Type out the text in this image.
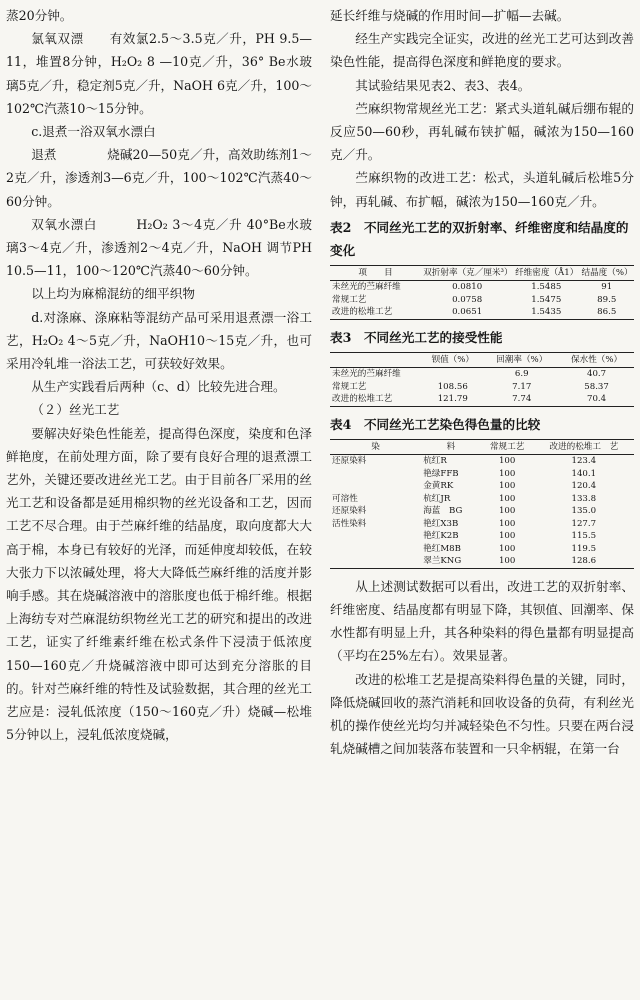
蒸20分钟。

氯氧双漂　　有效氯2.5～3.5克／升，PH 9.5—11，堆置8分钟，H₂O₂ 8 —10克／升，36° Be水玻璃5克／升，稳定剂5克／升，NaOH 6克／升，100～102℃汽蒸10～15分钟。

c.退煮一浴双氧水漂白

退煮　　　　烧碱20—50克／升，高效助练剂1～2克／升，渗透剂3—6克／升，100～102℃汽蒸40～60分钟。

双氧水漂白　　　H₂O₂ 3～4克／升 40°Be水玻璃3～4克／升，渗透剂2～4克／升，NaOH 调节PH 10.5—11，100～120℃汽蒸40～60分钟。

以上均为麻棉混纺的细平织物

d.对涤麻、涤麻粘等混纺产品可采用退煮漂一浴工艺，H₂O₂ 4～5克／升，NaOH10～15克／升，也可采用冷轧堆一浴法工艺，可获较好效果。

从生产实践看后两种（c、d）比较先进合理。

（２）丝光工艺

要解决好染色性能差，提高得色深度，染度和色泽鲜艳度，在前处理方面，除了要有良好合理的退煮漂工艺外，关键还要改进丝光工艺。由于目前各厂采用的丝光工艺和设备都是延用棉织物的丝光设备和工艺，因而工艺不尽合理。由于苎麻纤维的结晶度，取向度都大大高于棉，本身已有较好的光泽，而延伸度却较低，在较大张力下以浓碱处理，将大大降低苎麻纤维的活度并影响手感。其在烧碱溶液中的溶胀度也低于棉纤维。根据上海纺专对苎麻混纺织物丝光工艺的研究和提出的改进工艺，证实了纤维素纤维在松式条件下浸渍于低浓度150—160克／升烧碱溶液中即可达到充分溶胀的目的。针对苎麻纤维的特性及试验数据，其合理的丝光工艺应是：浸轧低浓度（150～160克／升）烧碱—松堆5分钟以上，浸轧低浓度烧碱，

延长纤维与烧碱的作用时间—扩幅—去碱。

经生产实践完全证实，改进的丝光工艺可达到改善染色性能，提高得色深度和鲜艳度的要求。

其试验结果见表2、表3、表4。

苎麻织物常规丝光工艺：紧式头道轧碱后绷布辊的反应50—60秒，再轧碱布铗扩幅，碱浓为150—160克／升。

苎麻织物的改进工艺：松式，头道轧碱后松堆5分钟，再轧碱、布扩幅，碱浓为150—160克／升。

表2　不同丝光工艺的双折射率、纤维密度和结晶度的变化
项　　目	双折射率（克／厘米³）	纤维密度（Å1）	结晶度（%）
未丝光的苎麻纤维	0.0810	1.5485	91
常规工艺	0.0758	1.5475	89.5
改进的松堆工艺	0.0651	1.5435	86.5
表3　不同丝光工艺的接受性能
	钡值（%）	回潮率（%）	保水性（%）
未丝光的苎麻纤维		6.9	40.7
常规工艺	108.56	7.17	58.37
改进的松堆工艺	121.79	7.74	70.4
表4　不同丝光工艺染色得色量的比较
染	料	常规工艺	改进的松堆工　艺
还原染料	杭红R	100	123.4
	艳绿FFB	100	140.1
	金黄RK	100	120.4
可溶性	杭红JR	100	133.8
还原染料	海蓝　BG	100	135.0
活性染料	艳红X3B	100	127.7
	艳红K2B	100	115.5
	艳红M8B	100	119.5
	翠兰KNG	100	128.6

从上述测试数据可以看出，改进工艺的双折射率、纤维密度、结晶度都有明显下降，其钡值、回潮率、保水性都有明显上升，其各种染料的得色量都有明显提高（平均在25%左右）。效果显著。

改进的松堆工艺是提高染料得色量的关键，同时，降低烧碱回收的蒸汽消耗和回收设备的负荷，有利丝光机的操作使丝光均匀并减轻染色不匀性。只要在两台浸轧烧碱槽之间加装落布装置和一只伞柄辊，在第一台
